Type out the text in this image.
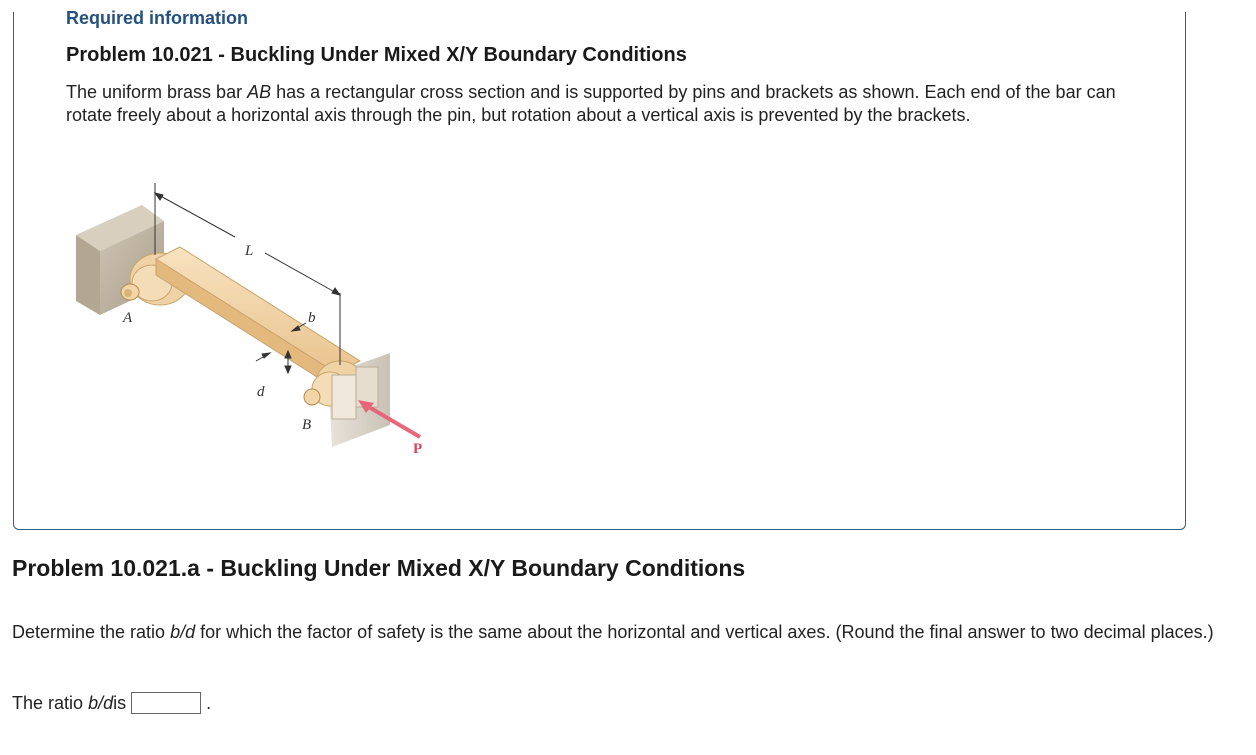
Required information
Problem 10.021 - Buckling Under Mixed X/Y Boundary Conditions

The uniform brass bar AB has a rectangular cross section and is supported by pins and brackets as shown. Each end of the bar can rotate freely about a horizontal axis through the pin, but rotation about a vertical axis is prevented by the brackets.

L
b
d
A
B
P
Problem 10.021.a - Buckling Under Mixed X/Y Boundary Conditions

Determine the ratio b/d for which the factor of safety is the same about the horizontal and vertical axes. (Round the final answer to two decimal places.)

The ratio
b/d is	.
